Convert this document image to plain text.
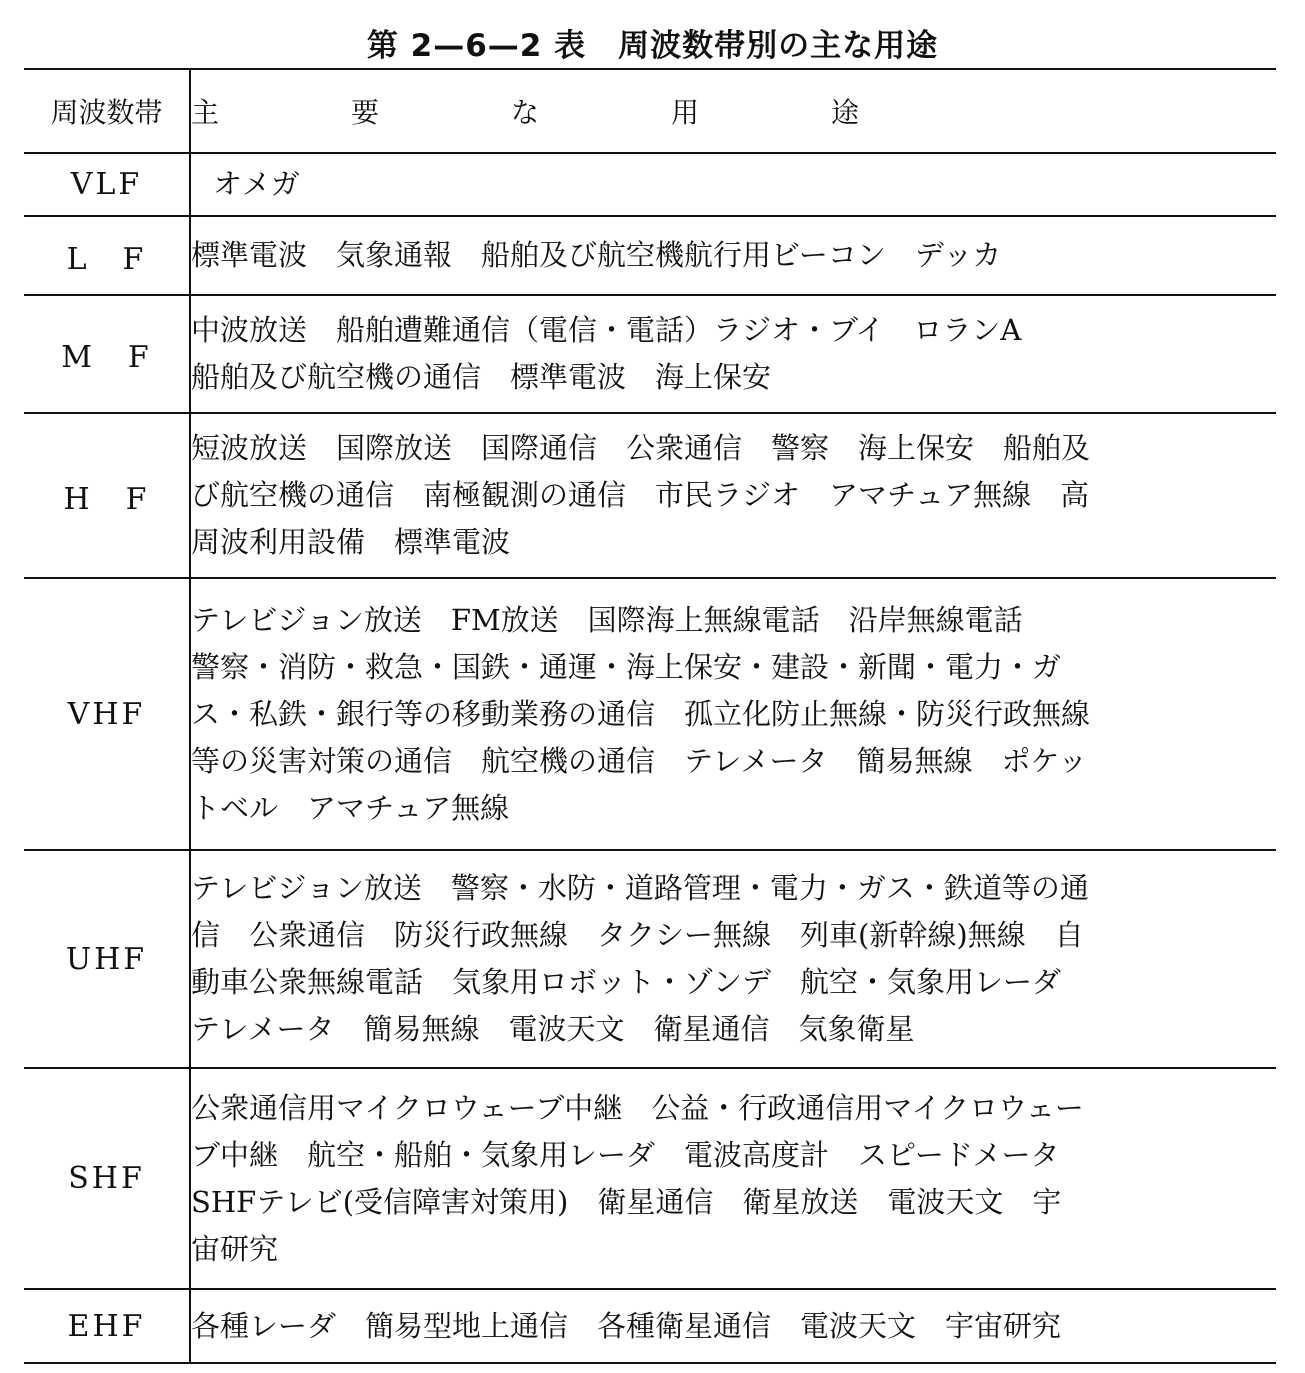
第 2—6—2 表　周波数帯別の主な用途
周波数帯	主 要 な 用 途
VLF	オメガ

L　F	標準電波　気象通報　船舶及び航空機航行用ビーコン　デッカ

M　F	中波放送　船舶遭難通信（電信・電話）ラジオ・ブイ　ロランA
船舶及び航空機の通信　標準電波　海上保安

H　F	短波放送　国際放送　国際通信　公衆通信　警察　海上保安　船舶及
び航空機の通信　南極観測の通信　市民ラジオ　アマチュア無線　高
周波利用設備　標準電波

VHF	テレビジョン放送　FM放送　国際海上無線電話　沿岸無線電話
警察・消防・救急・国鉄・通運・海上保安・建設・新聞・電力・ガ
ス・私鉄・銀行等の移動業務の通信　孤立化防止無線・防災行政無線
等の災害対策の通信　航空機の通信　テレメータ　簡易無線　ポケッ
トベル　アマチュア無線

UHF	テレビジョン放送　警察・水防・道路管理・電力・ガス・鉄道等の通
信　公衆通信　防災行政無線　タクシー無線　列車(新幹線)無線　自
動車公衆無線電話　気象用ロボット・ゾンデ　航空・気象用レーダ
テレメータ　簡易無線　電波天文　衛星通信　気象衛星

SHF	公衆通信用マイクロウェーブ中継　公益・行政通信用マイクロウェー
ブ中継　航空・船舶・気象用レーダ　電波高度計　スピードメータ
SHFテレビ(受信障害対策用)　衛星通信　衛星放送　電波天文　宇
宙研究

EHF	各種レーダ　簡易型地上通信　各種衛星通信　電波天文　宇宙研究
